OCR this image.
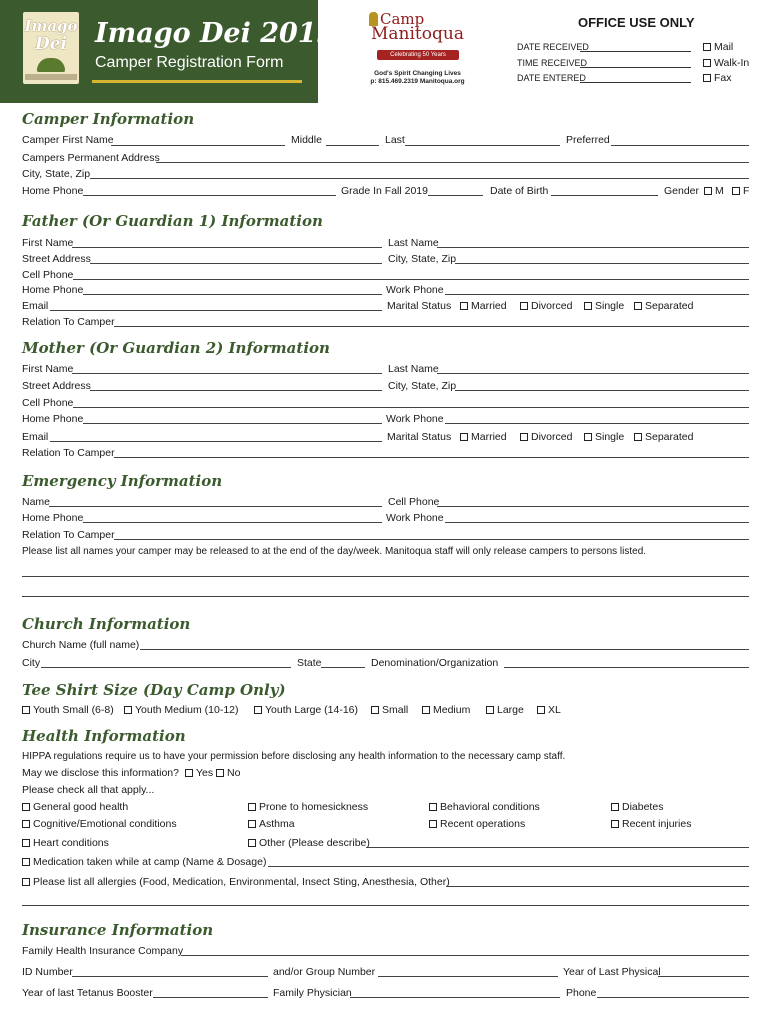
Imago
Dei	Imago Dei 2019
Camper Registration Form
Camp
Manitoqua
Celebrating 50 Years
God's Spirit Changing Lives
p: 815.469.2319 Manitoqua.org
OFFICE USE ONLY
DATE RECEIVED
TIME RECEIVED
DATE ENTERED
Mail
Walk-In
Fax
Camper Information
Camper First Name	Middle	Last	Preferred
Campers Permanent Address
City, State, Zip
Home Phone	Grade In Fall 2019	Date of Birth	Gender	M	F
Father (Or Guardian 1) Information
First Name	Last Name
Street Address	City, State, Zip
Cell Phone
Home Phone	Work Phone
Email	Marital Status	Married	Divorced	Single	Separated
Relation To Camper
Mother (Or Guardian 2) Information
First Name	Last Name
Street Address	City, State, Zip
Cell Phone
Home Phone	Work Phone
Email	Marital Status	Married	Divorced	Single	Separated
Relation To Camper
Emergency Information
Name	Cell Phone
Home Phone	Work Phone
Relation To Camper
Please list all names your camper may be released to at the end of the day/week. Manitoqua staff will only release campers to persons listed.
Church Information
Church Name (full name)
City	State	Denomination/Organization
Tee Shirt Size (Day Camp Only)
Youth Small (6-8)	Youth Medium (10-12)	Youth Large (14-16)	Small	Medium	Large	XL
Health Information
HIPPA regulations require us to have your permission before disclosing any health information to the necessary camp staff.
May we disclose this information?	Yes	No
Please check all that apply...
General good health	Prone to homesickness	Behavioral conditions	Diabetes
Cognitive/Emotional conditions	Asthma	Recent operations	Recent injuries
Heart conditions	Other (Please describe)
Medication taken while at camp (Name & Dosage)
Please list all allergies (Food, Medication, Environmental, Insect Sting, Anesthesia, Other)
Insurance Information
Family Health Insurance Company
ID Number	and/or Group Number	Year of Last Physical
Year of last Tetanus Booster	Family Physician	Phone
